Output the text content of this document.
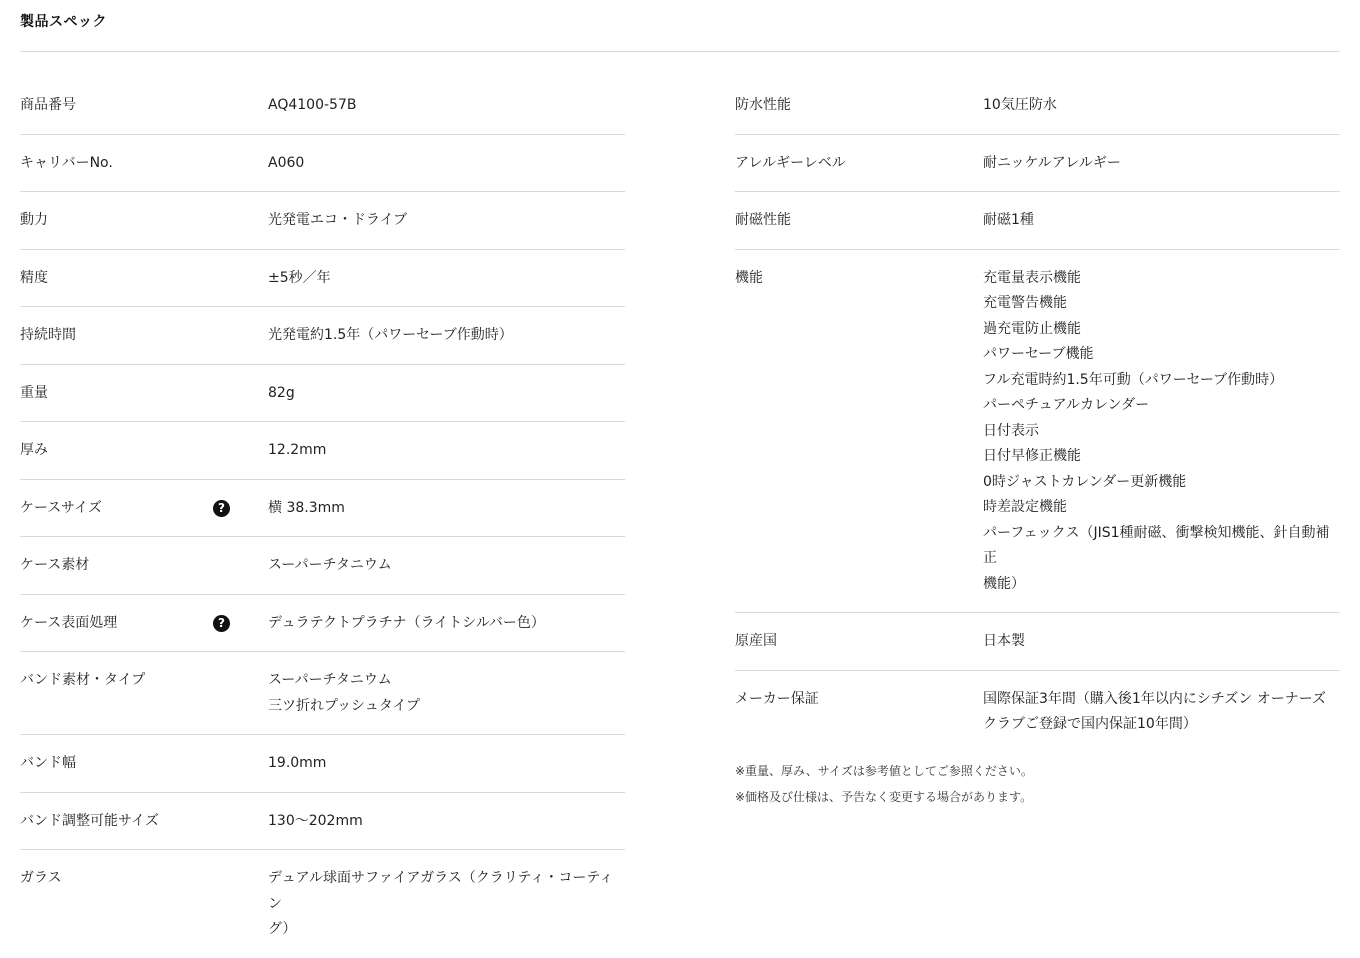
製品スペック
商品番号	AQ4100-57B
キャリバーNo.	A060
動力	光発電エコ・ドライブ
精度	±5秒／年
持続時間	光発電約1.5年（パワーセーブ作動時）
重量	82g
厚み	12.2mm
ケースサイズ	?	横 38.3mm
ケース素材	スーパーチタニウム
ケース表面処理	?	デュラテクトプラチナ（ライトシルバー色）
バンド素材・タイプ	スーパーチタニウム
三ツ折れプッシュタイプ
バンド幅	19.0mm
バンド調整可能サイズ	130〜202mm
ガラス	デュアル球面サファイアガラス（クラリティ・コーティン
グ）
防水性能	10気圧防水
アレルギーレベル	耐ニッケルアレルギー
耐磁性能	耐磁1種
機能	充電量表示機能
充電警告機能
過充電防止機能
パワーセーブ機能
フル充電時約1.5年可動（パワーセーブ作動時）
パーペチュアルカレンダー
日付表示
日付早修正機能
0時ジャストカレンダー更新機能
時差設定機能
パーフェックス（JIS1種耐磁、衝撃検知機能、針自動補正
機能）
原産国	日本製
メーカー保証	国際保証3年間（購入後1年以内にシチズン オーナーズ
クラブご登録で国内保証10年間）
※重量、厚み、サイズは参考値としてご参照ください。
※価格及び仕様は、予告なく変更する場合があります。
